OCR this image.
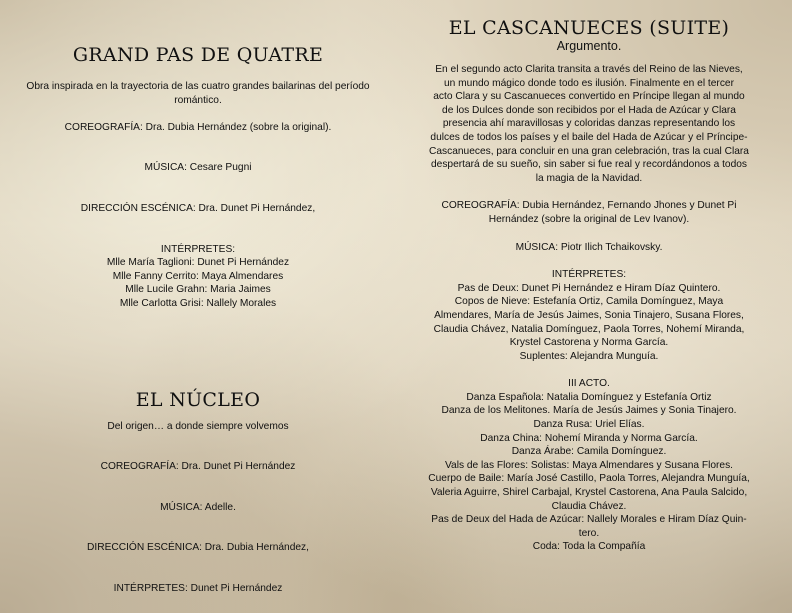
GRAND PAS DE QUATRE

Obra inspirada en la trayectoria de las cuatro grandes bailarinas del período romántico.

COREOGRAFÍA: Dra. Dubia Hernández (sobre la original).

MÚSICA: Cesare Pugni

DIRECCIÓN ESCÉNICA: Dra. Dunet Pi Hernández,

INTÉRPRETES:

Mlle María Taglioni: Dunet Pi Hernández

Mlle Fanny Cerrito: Maya Almendares

Mlle Lucile Grahn: Maria Jaimes

Mlle Carlotta Grisi: Nallely Morales

EL NÚCLEO

Del origen… a donde siempre volvemos

COREOGRAFÍA: Dra. Dunet Pi Hernández

MÚSICA: Adelle.

DIRECCIÓN ESCÉNICA: Dra. Dubia Hernández,

INTÉRPRETES: Dunet Pi Hernández

EL CASCANUECES (SUITE)

Argumento.

En el segundo acto Clarita transita a través del Reino de las Nieves,

un mundo mágico donde todo es ilusión. Finalmente en el tercer

acto Clara y su Cascanueces convertido en Príncipe llegan al mundo

de los Dulces donde son recibidos por el Hada de Azúcar y Clara

presencia ahí maravillosas y coloridas danzas representando los

dulces de todos los países y el baile del Hada de Azúcar y el Príncipe-

Cascanueces, para concluir en una gran celebración, tras la cual Clara

despertará de su sueño, sin saber si fue real y recordándonos a todos

la magia de la Navidad.

COREOGRAFÍA: Dubia Hernández, Fernando Jhones y Dunet Pi

Hernández (sobre la original de Lev Ivanov).

MÚSICA: Piotr Ilich Tchaikovsky.

INTÉRPRETES:

Pas de Deux: Dunet Pi Hernández e Hiram Díaz Quintero.

Copos de Nieve: Estefanía Ortiz, Camila Domínguez, Maya

Almendares, María de Jesús Jaimes, Sonia Tinajero, Susana Flores,

Claudia Chávez, Natalia Domínguez, Paola Torres, Nohemí Miranda,

Krystel Castorena y Norma García.

Suplentes: Alejandra Munguía.

III ACTO.

Danza Española: Natalia Domínguez y Estefanía Ortiz

Danza de los Melitones. María de Jesús Jaimes y Sonia Tinajero.

Danza Rusa: Uriel Elías.

Danza China: Nohemí Miranda y Norma García.

Danza Árabe: Camila Domínguez.

Vals de las Flores: Solistas: Maya Almendares y Susana Flores.

Cuerpo de Baile: María José Castillo, Paola Torres, Alejandra Munguía,

Valeria Aguirre, Shirel Carbajal, Krystel Castorena, Ana Paula Salcido,

Claudia Chávez.

Pas de Deux del Hada de Azúcar: Nallely Morales e Hiram Díaz Quin-

tero.

Coda: Toda la Compañía
